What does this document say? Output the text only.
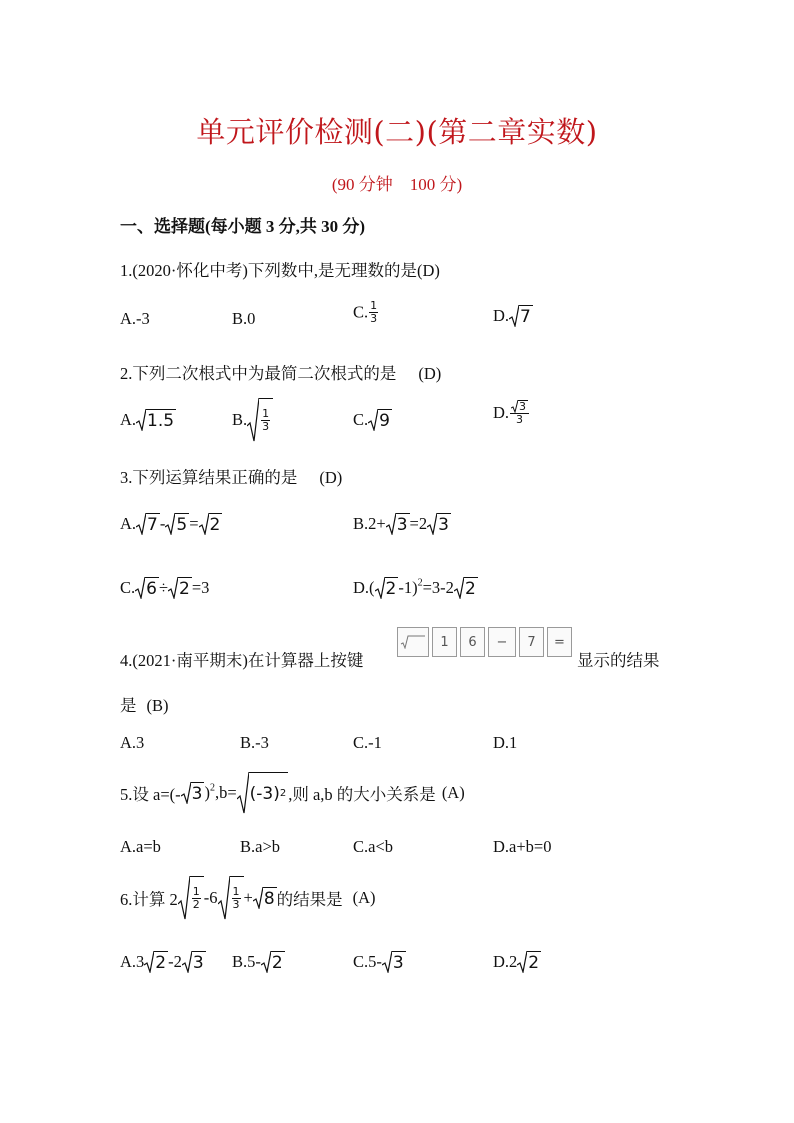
单元评价检测(二)(第二章实数)
(90 分钟　100 分)
一、选择题(每小题 3 分,共 30 分)
1.(2020·怀化中考)下列数中,是无理数的是(D)
A.-3	B.0	C. $\frac{1}{3}$	D. 7
2.下列二次根式中为最简二次根式的是 (D)
A. 1.5	B. $\frac{1}{3}$	C. 9	D. $\frac{3}{3}$
3.下列运算结果正确的是 (D)
A. 7 - 5 = 2	B.2+ 3 =2 3
C. 6 ÷ 2 =3	D.( 2 -1)$^2$=3-2 2
4.(2021·南平期末)在计算器上按键
1	6	−	7	=
显示的结果
是 (B)
A.3	B.-3	C.-1	D.1
5.设 a=(- 3 )$^2$,b= (-3) 2 ,则 a,b 的大小关系是 (A)
A.a=b	B.a>b	C.a<b	D.a+b=0
6.计算 $2 \frac{1}{2} -6 \frac{1}{3} + 8$ 的结果是 (A)
A.3 2 -2 3 B.5- 2	C.5- 3	D.2 2
